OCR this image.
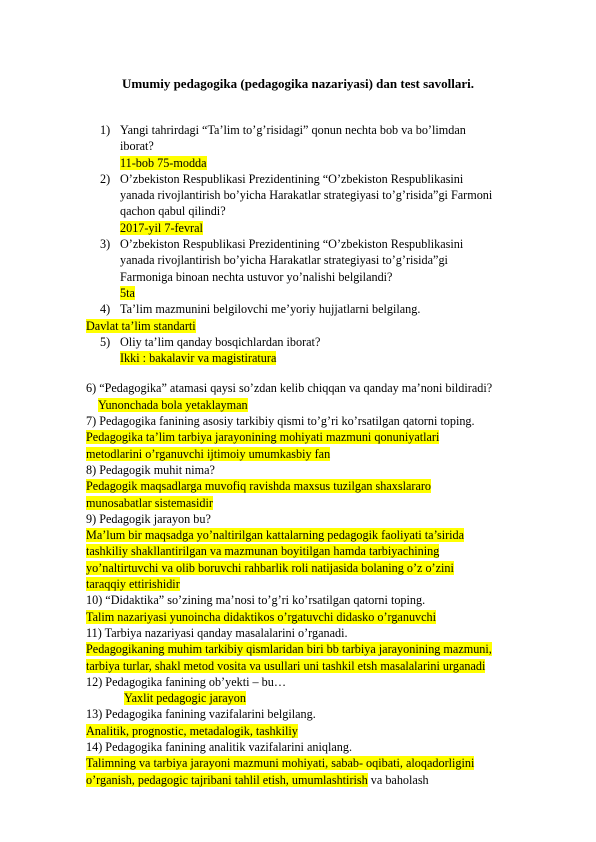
Umumiy pedagogika (pedagogika nazariyasi) dan test savollari.
1) Yangi tahrirdagi “Ta’lim to’g’risidagi” qonun nechta bob va bo’limdan
iborat?
11-bob 75-modda
2) O’zbekiston Respublikasi Prezidentining “O’zbekiston Respublikasini
yanada rivojlantirish bo’yicha Harakatlar strategiyasi to’g’risida”gi Farmoni
qachon qabul qilindi?
2017-yil 7-fevral
3) O’zbekiston Respublikasi Prezidentining “O’zbekiston Respublikasini
yanada rivojlantirish bo’yicha Harakatlar strategiyasi to’g’risida”gi
Farmoniga binoan nechta ustuvor yo’nalishi belgilandi?
5ta
4) Ta’lim mazmunini belgilovchi me’yoriy hujjatlarni belgilang.
Davlat ta’lim standarti
5) Oliy ta’lim qanday bosqichlardan iborat?
Ikki : bakalavir va magistiratura
6) “Pedagogika” atamasi qaysi so’zdan kelib chiqqan va qanday ma’noni bildiradi?
Yunonchada bola yetaklayman
7) Pedagogika fanining asosiy tarkibiy qismi to’g’ri ko’rsatilgan qatorni toping.
Pedagogika ta’lim tarbiya jarayonining mohiyati mazmuni qonuniyatlari
metodlarini o’rganuvchi ijtimoiy umumkasbiy fan
8) Pedagogik muhit nima?
Pedagogik maqsadlarga muvofiq ravishda maxsus tuzilgan shaxslararo
munosabatlar sistemasidir
9) Pedagogik jarayon bu?
Ma’lum bir maqsadga yo’naltirilgan kattalarning pedagogik faoliyati ta’sirida
tashkiliy shakllantirilgan va mazmunan boyitilgan hamda tarbiyachining
yo’naltirtuvchi va olib boruvchi rahbarlik roli natijasida bolaning o’z o’zini
taraqqiy ettirishidir
10) “Didaktika” so’zining ma’nosi to’g’ri ko’rsatilgan qatorni toping.
Talim nazariyasi yunoincha didaktikos o’rgatuvchi didasko o’rganuvchi
11) Tarbiya nazariyasi qanday masalalarini o’rganadi.
Pedagogikaning muhim tarkibiy qismlaridan biri bb tarbiya jarayonining mazmuni,
tarbiya turlar, shakl metod vosita va usullari uni tashkil etsh masalalarini urganadi
12) Pedagogika fanining ob’yekti – bu…
Yaxlit pedagogic jarayon
13) Pedagogika fanining vazifalarini belgilang.
Analitik, prognostic, metadalogik, tashkiliy
14) Pedagogika fanining analitik vazifalarini aniqlang.
Talimning va tarbiya jarayoni mazmuni mohiyati, sabab- oqibati, aloqadorligini
o’rganish, pedagogic tajribani tahlil etish, umumlashtirish va baholash
